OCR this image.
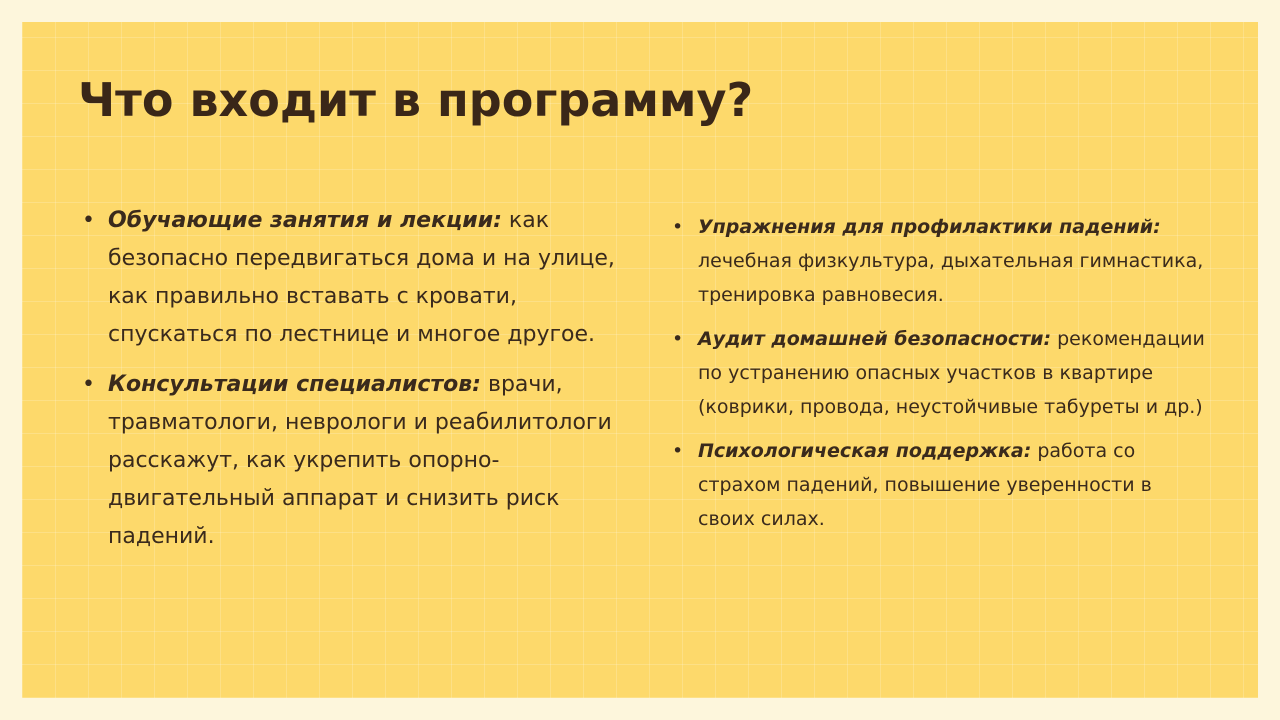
Что входит в программу?
• Обучающие занятия и лекции: как безопасно передвигаться дома и на улице, как правильно вставать с кровати, спускаться по лестнице и многое другое.
• Консультации специалистов: врачи, травматологи, неврологи и реабилитологи расскажут, как укрепить опорно-двигательный аппарат и снизить риск падений.
• Упражнения для профилактики падений: лечебная физкультура, дыхательная гимнастика, тренировка равновесия.
• Аудит домашней безопасности: рекомендации по устранению опасных участков в квартире (коврики, провода, неустойчивые табуреты и др.)
• Психологическая поддержка: работа со страхом падений, повышение уверенности в своих силах.
